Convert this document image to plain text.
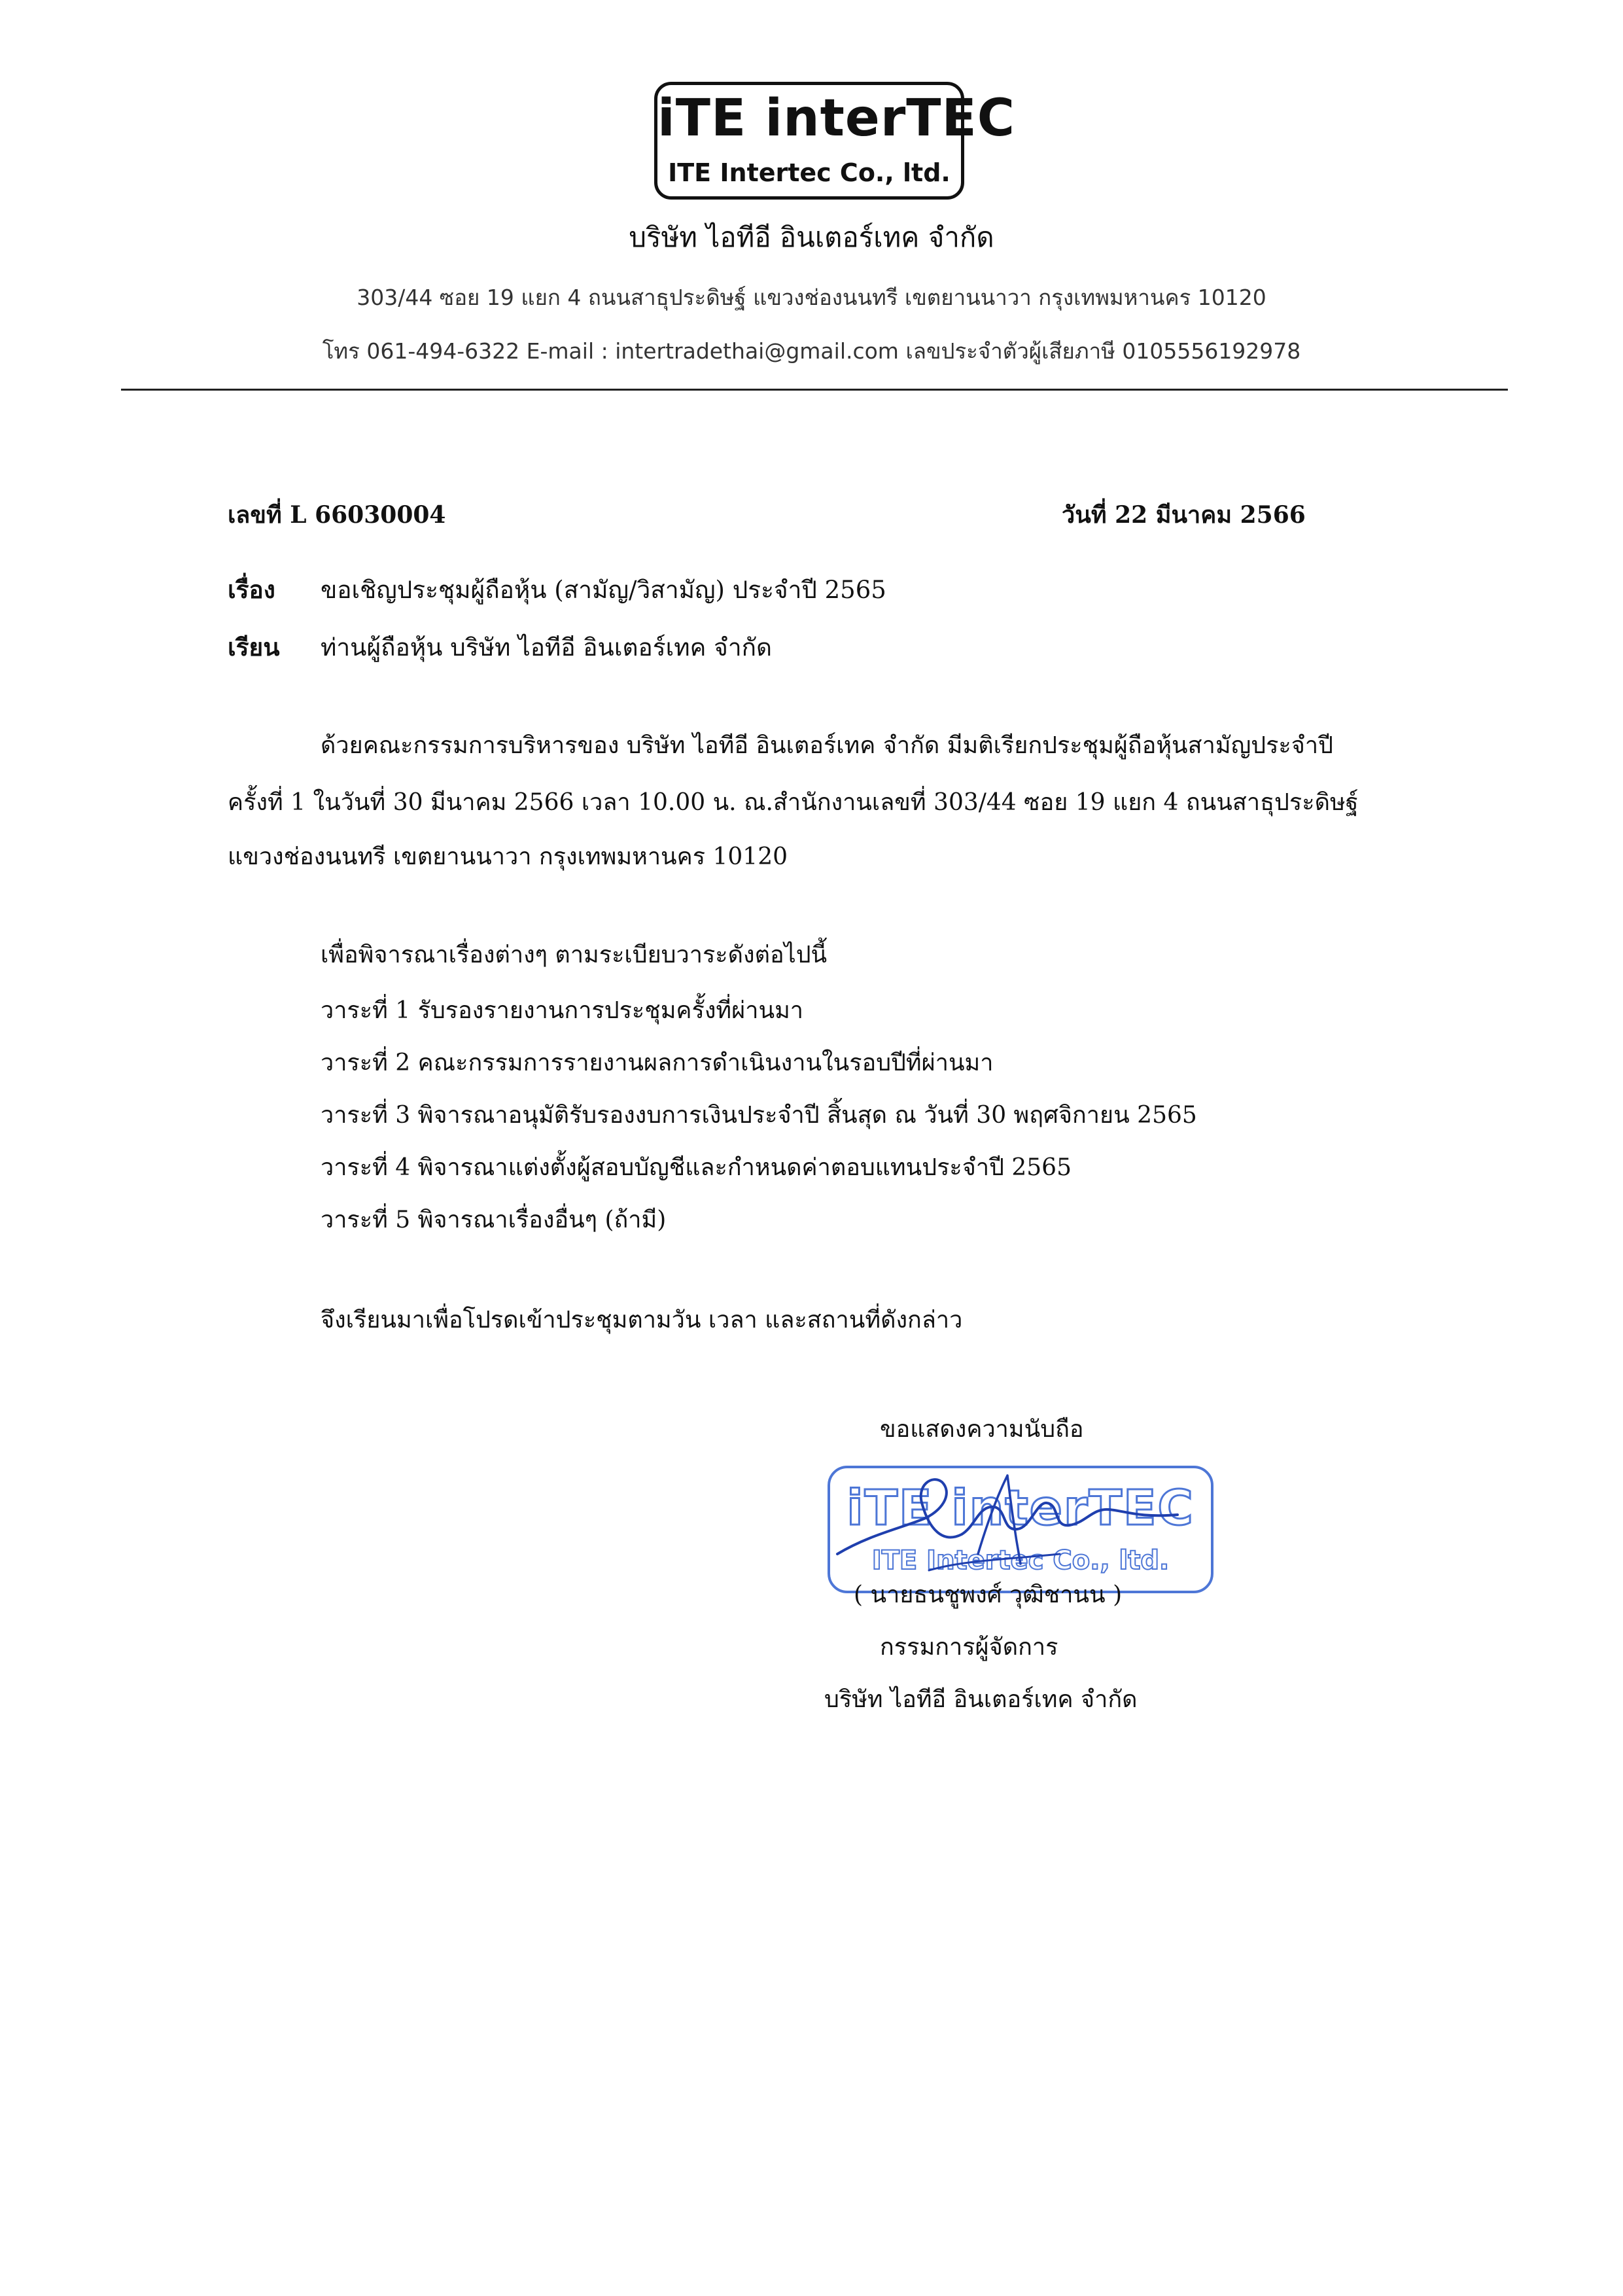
iTE interTEC
ITE Intertec Co., ltd.
บริษัท ไอทีอี อินเตอร์เทค จำกัด
303/44 ซอย 19 แยก 4 ถนนสาธุประดิษฐ์ แขวงช่องนนทรี เขตยานนาวา กรุงเทพมหานคร 10120
โทร 061-494-6322 E-mail : intertradethai@gmail.com เลขประจำตัวผู้เสียภาษี 0105556192978
เลขที่ L 66030004	วันที่ 22 มีนาคม 2566
เรื่อง ขอเชิญประชุมผู้ถือหุ้น (สามัญ/วิสามัญ) ประจำปี 2565
เรียน ท่านผู้ถือหุ้น บริษัท ไอทีอี อินเตอร์เทค จำกัด
ด้วยคณะกรรมการบริหารของ บริษัท ไอทีอี อินเตอร์เทค จำกัด มีมติเรียกประชุมผู้ถือหุ้นสามัญประจำปี
ครั้งที่ 1 ในวันที่ 30 มีนาคม 2566 เวลา 10.00 น. ณ.สำนักงานเลขที่ 303/44 ซอย 19 แยก 4 ถนนสาธุประดิษฐ์
แขวงช่องนนทรี เขตยานนาวา กรุงเทพมหานคร 10120
เพื่อพิจารณาเรื่องต่างๆ ตามระเบียบวาระดังต่อไปนี้
วาระที่ 1 รับรองรายงานการประชุมครั้งที่ผ่านมา
วาระที่ 2 คณะกรรมการรายงานผลการดำเนินงานในรอบปีที่ผ่านมา
วาระที่ 3 พิจารณาอนุมัติรับรองงบการเงินประจำปี สิ้นสุด ณ วันที่ 30 พฤศจิกายน 2565
วาระที่ 4 พิจารณาแต่งตั้งผู้สอบบัญชีและกำหนดค่าตอบแทนประจำปี 2565
วาระที่ 5 พิจารณาเรื่องอื่นๆ (ถ้ามี)
จึงเรียนมาเพื่อโปรดเข้าประชุมตามวัน เวลา และสถานที่ดังกล่าว
ขอแสดงความนับถือ
iTE interTEC
ITE Intertec Co., ltd.
( นายธนชูพงศ์ วุฒิชานน )
กรรมการผู้จัดการ
บริษัท ไอทีอี อินเตอร์เทค จำกัด
